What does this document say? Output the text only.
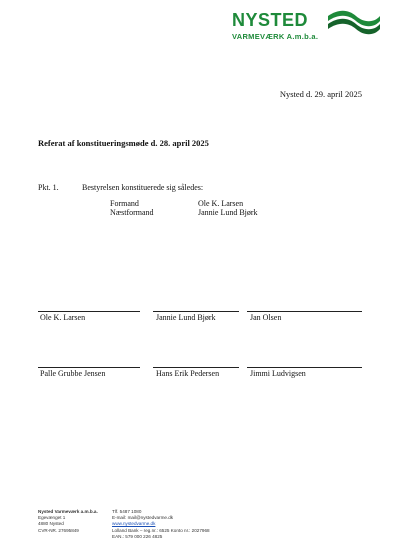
NYSTED
VARMEVÆRK A.m.b.a.
Nysted d. 29. april 2025
Referat af konstitueringsmøde d. 28. april 2025
Pkt. 1.	Bestyrelsen konstituerede sig således:
Formand	Ole K. Larsen
Næstformand	Jannie Lund Bjørk
Ole K. Larsen	Jannie Lund Bjørk	Jan Olsen
Palle Grubbe Jensen	Hans Erik Pedersen	Jimmi Ludvigsen
Nysted Varmeværk a.m.b.a.
Egevænget 1
4880 Nysted
CVR-NR. 27695849
Tlf. 5487 1080
E-mail: mail@nystedvarme.dk
www.nystedvarme.dk
Lolland Bank – reg.nr.: 6525 Konto nr.: 2027968
EAN.: 579 000 226 4825
